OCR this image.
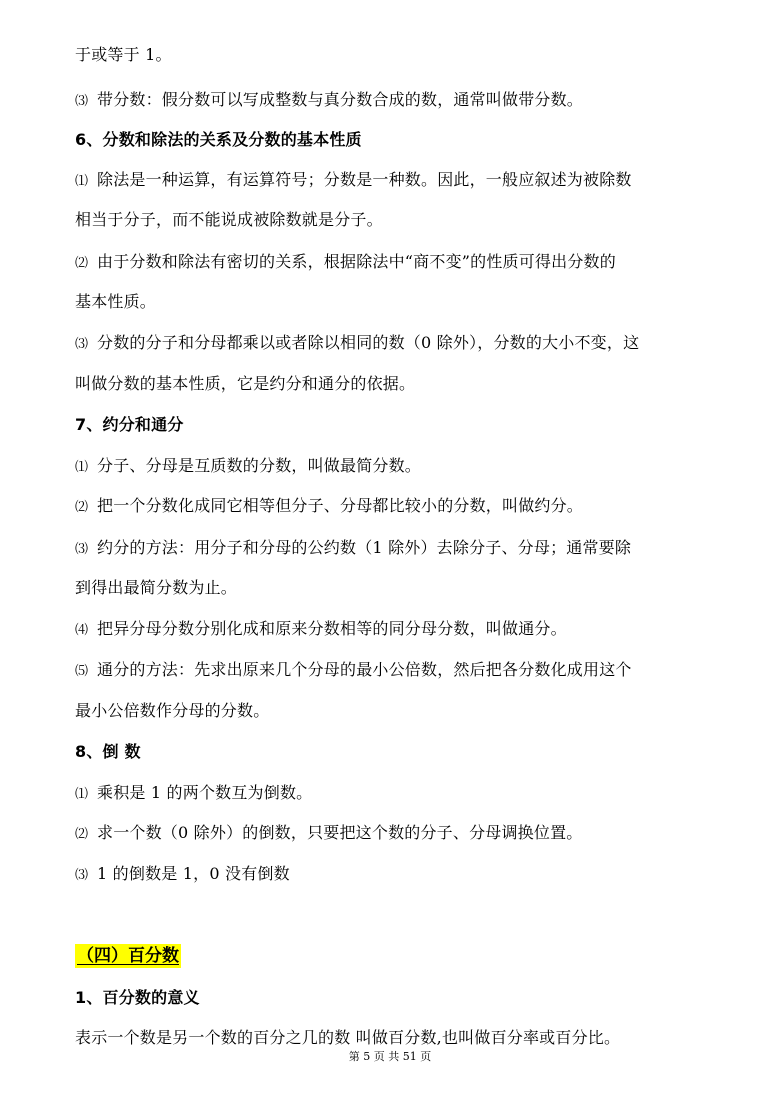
于或等于 1。
⑶ 带分数：假分数可以写成整数与真分数合成的数，通常叫做带分数。
6、分数和除法的关系及分数的基本性质
⑴ 除法是一种运算，有运算符号；分数是一种数。因此，一般应叙述为被除数
相当于分子，而不能说成被除数就是分子。
⑵ 由于分数和除法有密切的关系，根据除法中“商不变”的性质可得出分数的
基本性质。
⑶ 分数的分子和分母都乘以或者除以相同的数（0 除外），分数的大小不变，这
叫做分数的基本性质，它是约分和通分的依据。
7、约分和通分
⑴ 分子、分母是互质数的分数，叫做最简分数。
⑵ 把一个分数化成同它相等但分子、分母都比较小的分数，叫做约分。
⑶ 约分的方法：用分子和分母的公约数（1 除外）去除分子、分母；通常要除
到得出最简分数为止。
⑷ 把异分母分数分别化成和原来分数相等的同分母分数，叫做通分。
⑸ 通分的方法：先求出原来几个分母的最小公倍数，然后把各分数化成用这个
最小公倍数作分母的分数。
8、倒 数
⑴ 乘积是 1 的两个数互为倒数。
⑵ 求一个数（0 除外）的倒数，只要把这个数的分子、分母调换位置。
⑶ 1 的倒数是 1，0 没有倒数
（四）百分数
1、百分数的意义
表示一个数是另一个数的百分之几的数 叫做百分数,也叫做百分率或百分比。
第 5 页 共 51 页
